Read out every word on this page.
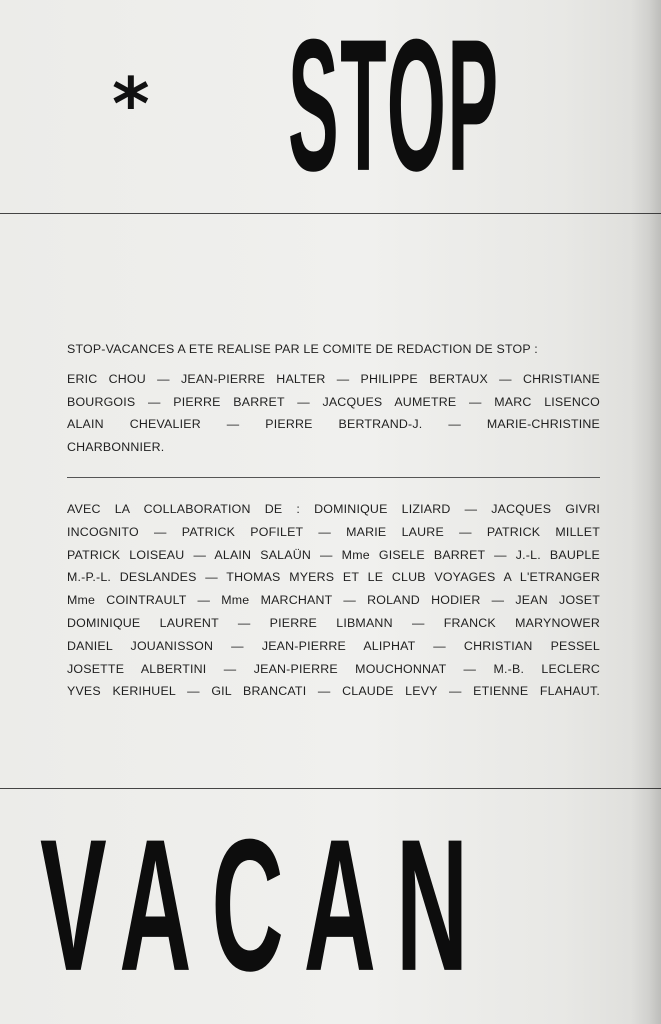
* STOP
STOP-VACANCES A ETE REALISE PAR LE COMITE DE REDACTION DE STOP :
ERIC CHOU — JEAN-PIERRE HALTER — PHILIPPE BERTAUX — CHRISTIANE
BOURGOIS — PIERRE BARRET — JACQUES AUMETRE — MARC LISENCO
ALAIN CHEVALIER — PIERRE BERTRAND-J. — MARIE-CHRISTINE
CHARBONNIER.
AVEC LA COLLABORATION DE : DOMINIQUE LIZIARD — JACQUES GIVRI
INCOGNITO — PATRICK POFILET — MARIE LAURE — PATRICK MILLET
PATRICK LOISEAU — ALAIN SALAÜN — Mme GISELE BARRET — J.-L. BAUPLE
M.-P.-L. DESLANDES — THOMAS MYERS ET LE CLUB VOYAGES A L'ETRANGER
Mme COINTRAULT — Mme MARCHANT — ROLAND HODIER — JEAN JOSET
DOMINIQUE LAURENT — PIERRE LIBMANN — FRANCK MARYNOWER
DANIEL JOUANISSON — JEAN-PIERRE ALIPHAT — CHRISTIAN PESSEL
JOSETTE ALBERTINI — JEAN-PIERRE MOUCHONNAT — M.-B. LECLERC
YVES KERIHUEL — GIL BRANCATI — CLAUDE LEVY — ETIENNE FLAHAUT.
VACAN
